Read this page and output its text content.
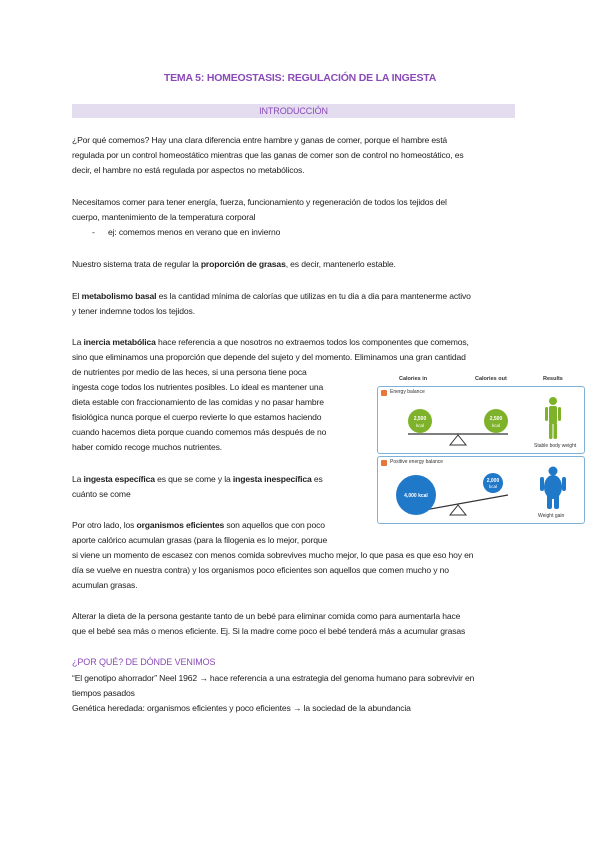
TEMA 5: HOMEOSTASIS: REGULACIÓN DE LA INGESTA
INTRODUCCIÓN
¿Por qué comemos? Hay una clara diferencia entre hambre y ganas de comer, porque el hambre está
regulada por un control homeostático mientras que las ganas de comer son de control no homeostático, es
decir, el hambre no está regulada por aspectos no metabólicos.
Necesitamos comer para tener energía, fuerza, funcionamiento y regeneración de todos los tejidos del
cuerpo, mantenimiento de la temperatura corporal
- ej: comemos menos en verano que en invierno
Nuestro sistema trata de regular la proporción de grasas, es decir, mantenerlo estable.
El metabolismo basal es la cantidad mínima de calorías que utilizas en tu dia a dia para mantenerme activo
y tener indemne todos los tejidos.
La inercia metabólica hace referencia a que nosotros no extraemos todos los componentes que comemos,
sino que eliminamos una proporción que depende del sujeto y del momento. Eliminamos una gran cantidad
de nutrientes por medio de las heces, si una persona tiene poca
ingesta coge todos los nutrientes posibles. Lo ideal es mantener una
dieta estable con fraccionamiento de las comidas y no pasar hambre
fisiológica nunca porque el cuerpo revierte lo que estamos haciendo
cuando hacemos dieta porque cuando comemos más después de no
haber comido recoge muchos nutrientes.
La ingesta específica es que se come y la ingesta inespecífica es
cuánto se come
Por otro lado, los organismos eficientes son aquellos que con poco
aporte calórico acumulan grasas (para la filogenia es lo mejor, porque
si viene un momento de escasez con menos comida sobrevives mucho mejor, lo que pasa es que eso hoy en
día se vuelve en nuestra contra) y los organismos poco eficientes son aquellos que comen mucho y no
acumulan grasas.
Alterar la dieta de la persona gestante tanto de un bebé para eliminar comida como para aumentarla hace
que el bebé sea más o menos eficiente. Ej. Si la madre come poco el bebé tenderá más a acumular grasas
¿POR QUÉ? DE DÓNDE VENIMOS
“El genotipo ahorrador” Neel 1962 → hace referencia a una estrategia del genoma humano para sobrevivir en
tiempos pasados
Genética heredada: organismos eficientes y poco eficientes → la sociedad de la abundancia
Calories in	Calories out	Results
Energy balance
2,500
kcal
2,500
kcal
Stable body weight
Positive energy balance
4,000 kcal
2,000
kcal
Weight gain
